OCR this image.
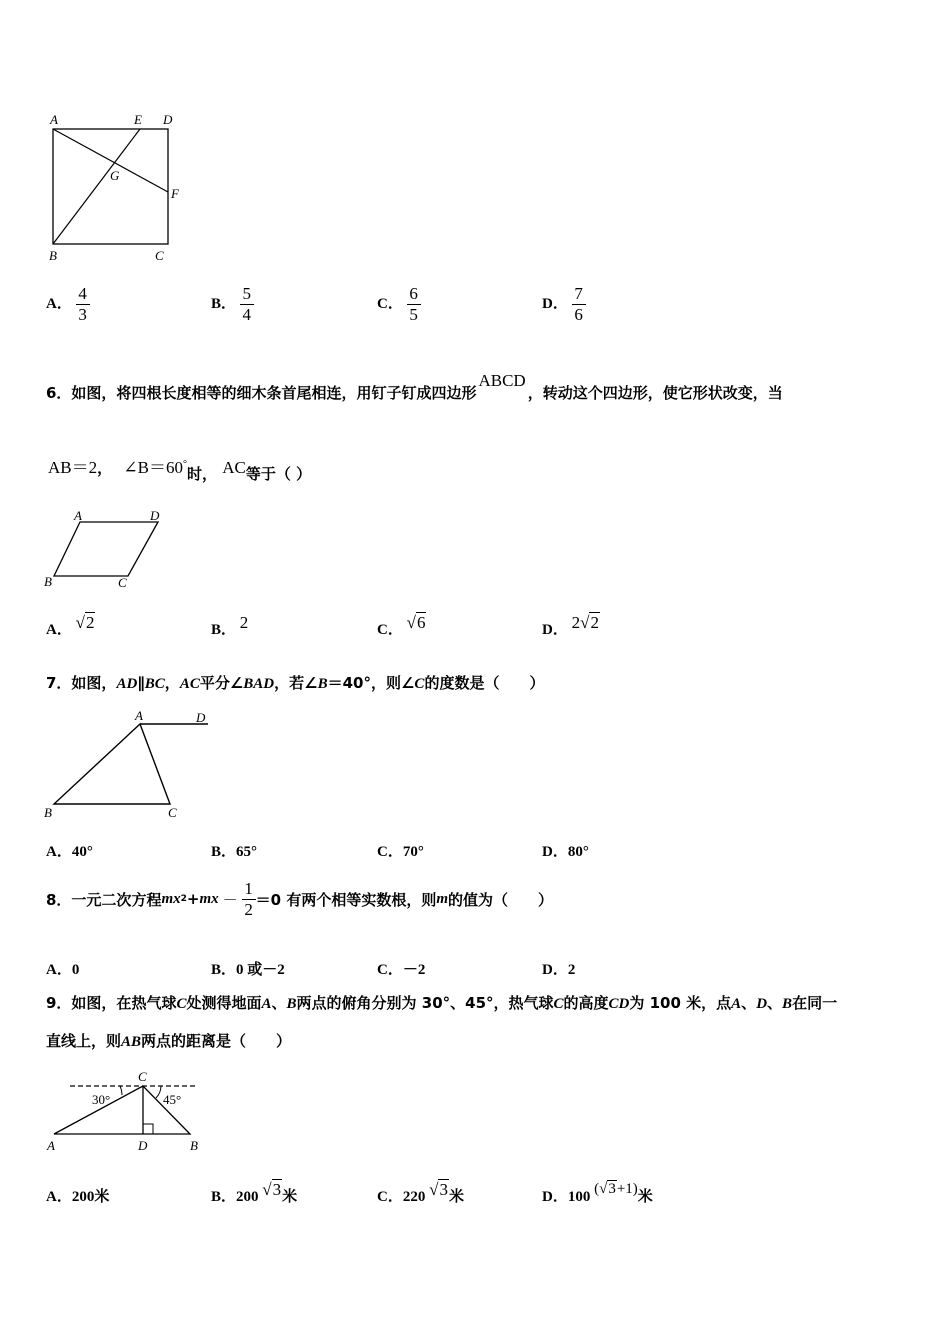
A	E D
G
F
B	C
A． $\frac{4}{3}$	B． $\frac{5}{4}$	C． $\frac{6}{5}$	D． $\frac{7}{6}$
6．如图，将四根长度相等的细木条首尾相连，用钉子钉成四边形ABCD，转动这个四边形，使它形状改变，当
AB＝2， ∠B＝60°时， AC等于（ ）
A	D
B	C
A． √2	B． 2	C． √6	D． 2√2
7．如图，AD∥BC，AC平分∠BAD，若∠B＝40°，则∠C的度数是（　　）
A	D
B	C
A．40°	B．65°	C．70°	D．80°
8．一元二次方程 mx 2 + mx － $\frac{1}{2} =0$ 有两个相等实数根，则 m 的值为（　　）
A．0	B．0 或－2	C．－2	D．2
9．如图，在热气球C处测得地面A、B两点的俯角分别为 30°、45°，热气球C的高度CD为 100 米，点A、D、B在同一
直线上，则AB两点的距离是（　　）
C
30°	45°
A	D	B
A．200米	B．200 √3米	C．220 √3米	D．100 (√3+1)米
